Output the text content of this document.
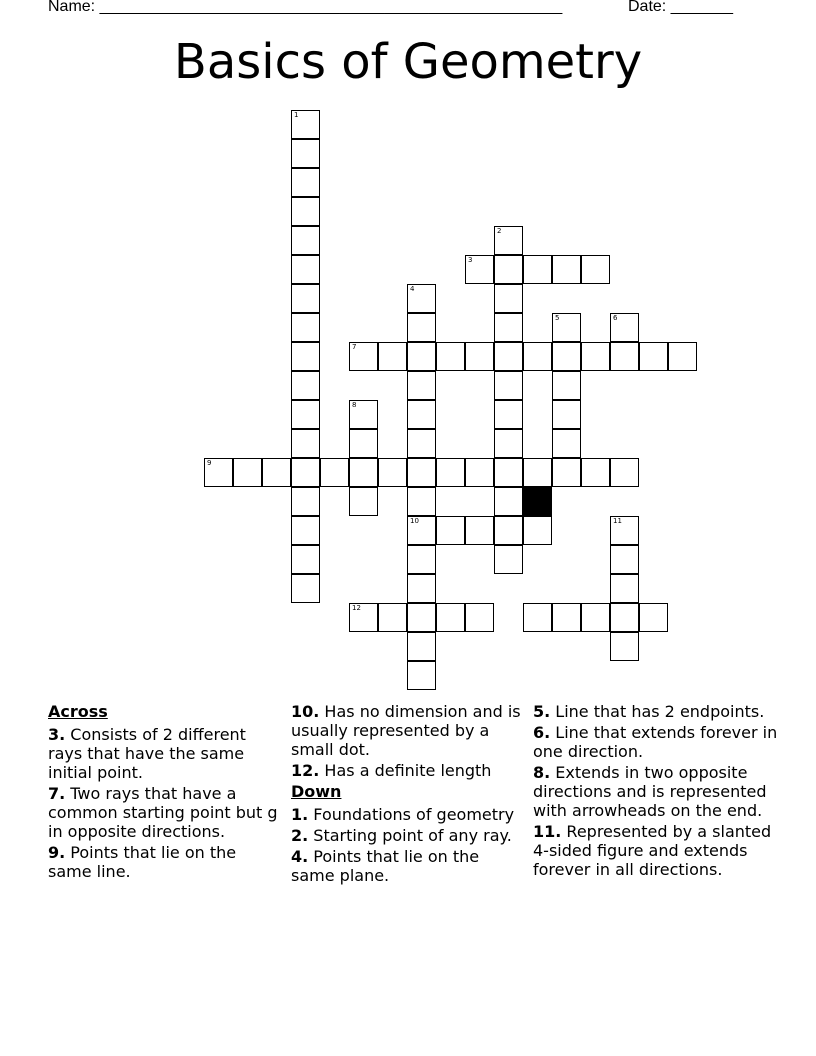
Name: ____________________________________________________	Date: _______
Basics of Geometry
1
2
3
4
10
5	6
7
8
9
11
12
Across
3. Consists of 2 different rays that have the same initial point.
7. Two rays that have a common starting point but g in opposite directions.
9. Points that lie on the same line.
10. Has no dimension and is usually represented by a small dot.
12. Has a definite length
Down
1. Foundations of geometry
2. Starting point of any ray.
4. Points that lie on the same plane.
5. Line that has 2 endpoints.
6. Line that extends forever in one direction.
8. Extends in two opposite directions and is represented with arrowheads on the end.
11. Represented by a slanted 4-sided figure and extends forever in all directions.
